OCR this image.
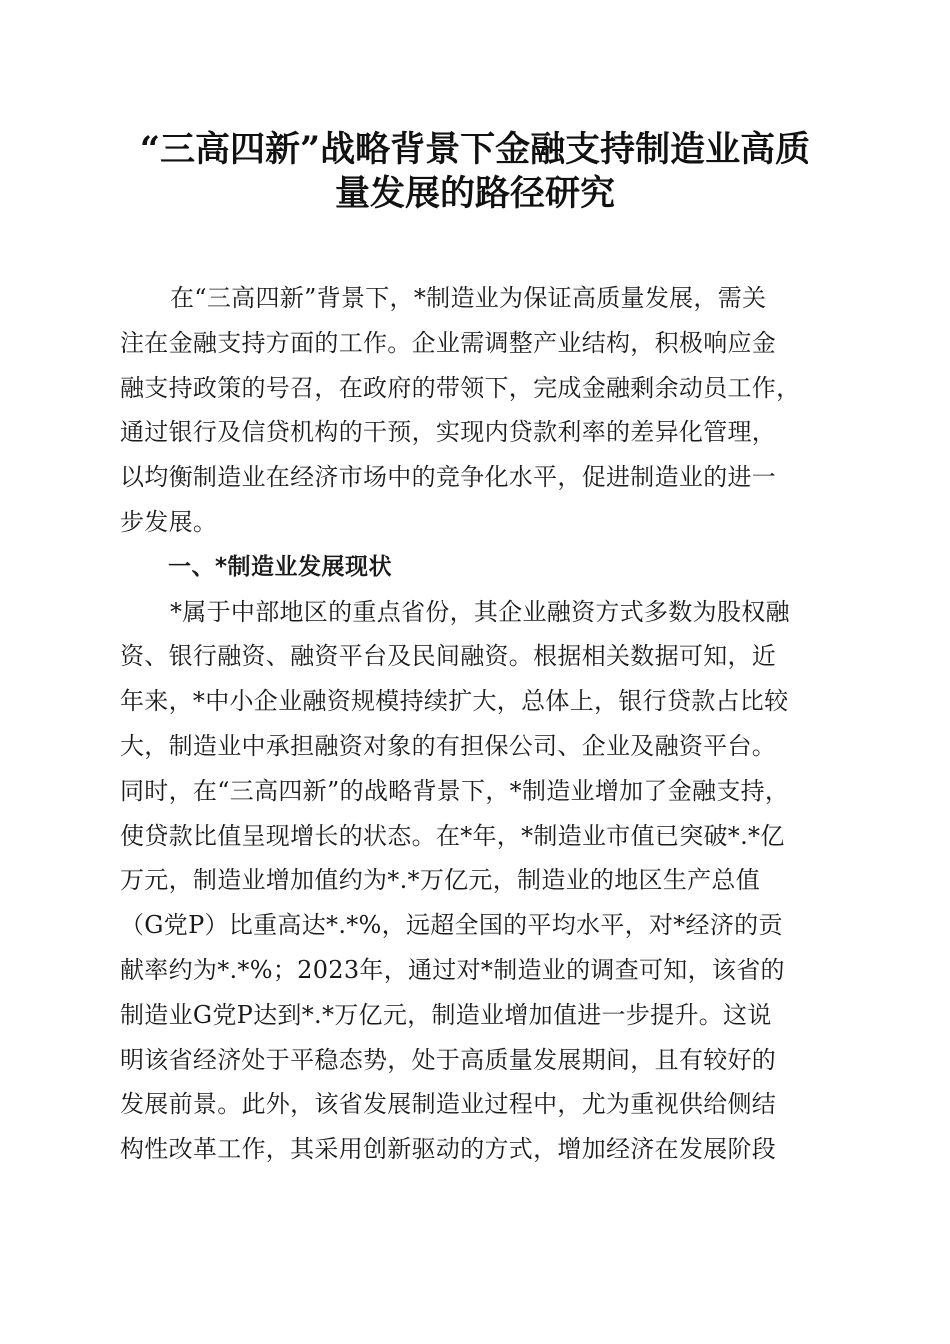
“三高四新”战略背景下金融支持制造业高质
量发展的路径研究
在“三高四新”背景下，*制造业为保证高质量发展，需关
注在金融支持方面的工作。企业需调整产业结构，积极响应金
融支持政策的号召，在政府的带领下，完成金融剩余动员工作，
通过银行及信贷机构的干预，实现内贷款利率的差异化管理，
以均衡制造业在经济市场中的竞争化水平，促进制造业的进一
步发展。
一、*制造业发展现状
*属于中部地区的重点省份，其企业融资方式多数为股权融
资、银行融资、融资平台及民间融资。根据相关数据可知，近
年来，*中小企业融资规模持续扩大，总体上，银行贷款占比较
大，制造业中承担融资对象的有担保公司、企业及融资平台。
同时，在“三高四新”的战略背景下，*制造业增加了金融支持，
使贷款比值呈现增长的状态。在*年，*制造业市值已突破*.*亿
万元，制造业增加值约为*.*万亿元，制造业的地区生产总值
（G党P）比重高达*.*%，远超全国的平均水平，对*经济的贡
献率约为*.*%；2023年，通过对*制造业的调查可知，该省的
制造业G党P达到*.*万亿元，制造业增加值进一步提升。这说
明该省经济处于平稳态势，处于高质量发展期间，且有较好的
发展前景。此外，该省发展制造业过程中，尤为重视供给侧结
构性改革工作，其采用创新驱动的方式，增加经济在发展阶段
